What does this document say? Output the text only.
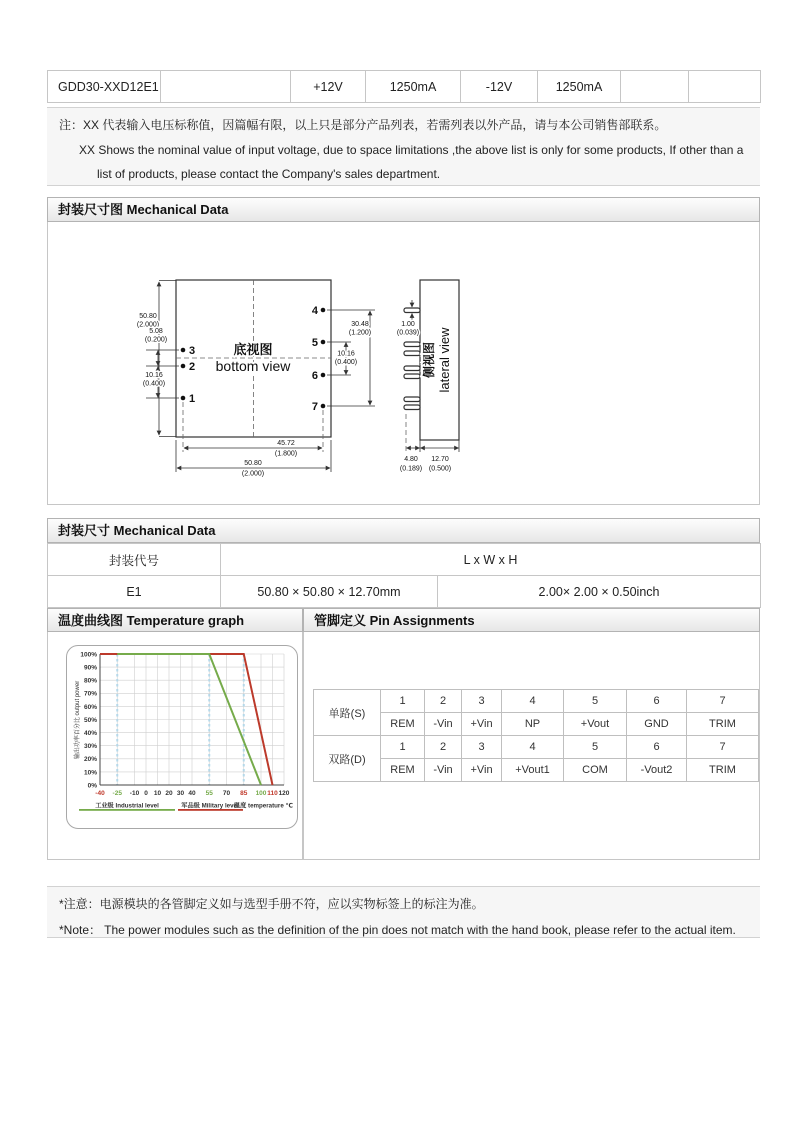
GDD30-XXD12E1		+12V	1250mA	-12V	1250mA		
注：XX 代表输入电压标称值，因篇幅有限，以上只是部分产品列表，若需列表以外产品，请与本公司销售部联系。
XX Shows the nominal value of input voltage, due to space limitations ,the above list is only for some products, If other than a
list of products, please contact the Company's sales department.
封装尺寸图 Mechanical Data
50.80
(2.000)
5.08
(0.200)
10.16
(0.400)
30.48
(1.200)
10.16
(0.400)
45.72
(1.800)
50.80
(2.000)
1.00
(0.039)
4.80
(0.189)
12.70
(0.500)
3
2
1
4
5
6
7
底视图
bottom view	侧视图 lateral view
封装尺寸 Mechanical Data
封装代号	L x W x H	
E1	50.80 × 50.80 × 12.70mm	2.00× 2.00 × 0.50inch
温度曲线图 Temperature graph	管脚定义 Pin Assignments
0%
10%
20%
30%
40%
50%
60%
70%
80%
90%
100%
-40 -25 -10 0 10 20 30 40 55 70 85 100 110 120
输出功率百分比 output power
工业级 Industrial level	军品级 Military level
温度 temperature ℃
单路(S)	1	2	3	4	5	6	7
	REM	-Vin	+Vin	NP	+Vout	GND	TRIM
双路(D)	1	2	3	4	5	6	7
	REM	-Vin	+Vin	+Vout1	COM	-Vout2	TRIM
*注意：电源模块的各管脚定义如与选型手册不符，应以实物标签上的标注为准。
*Note： The power modules such as the definition of the pin does not match with the hand book, please refer to the actual item.
